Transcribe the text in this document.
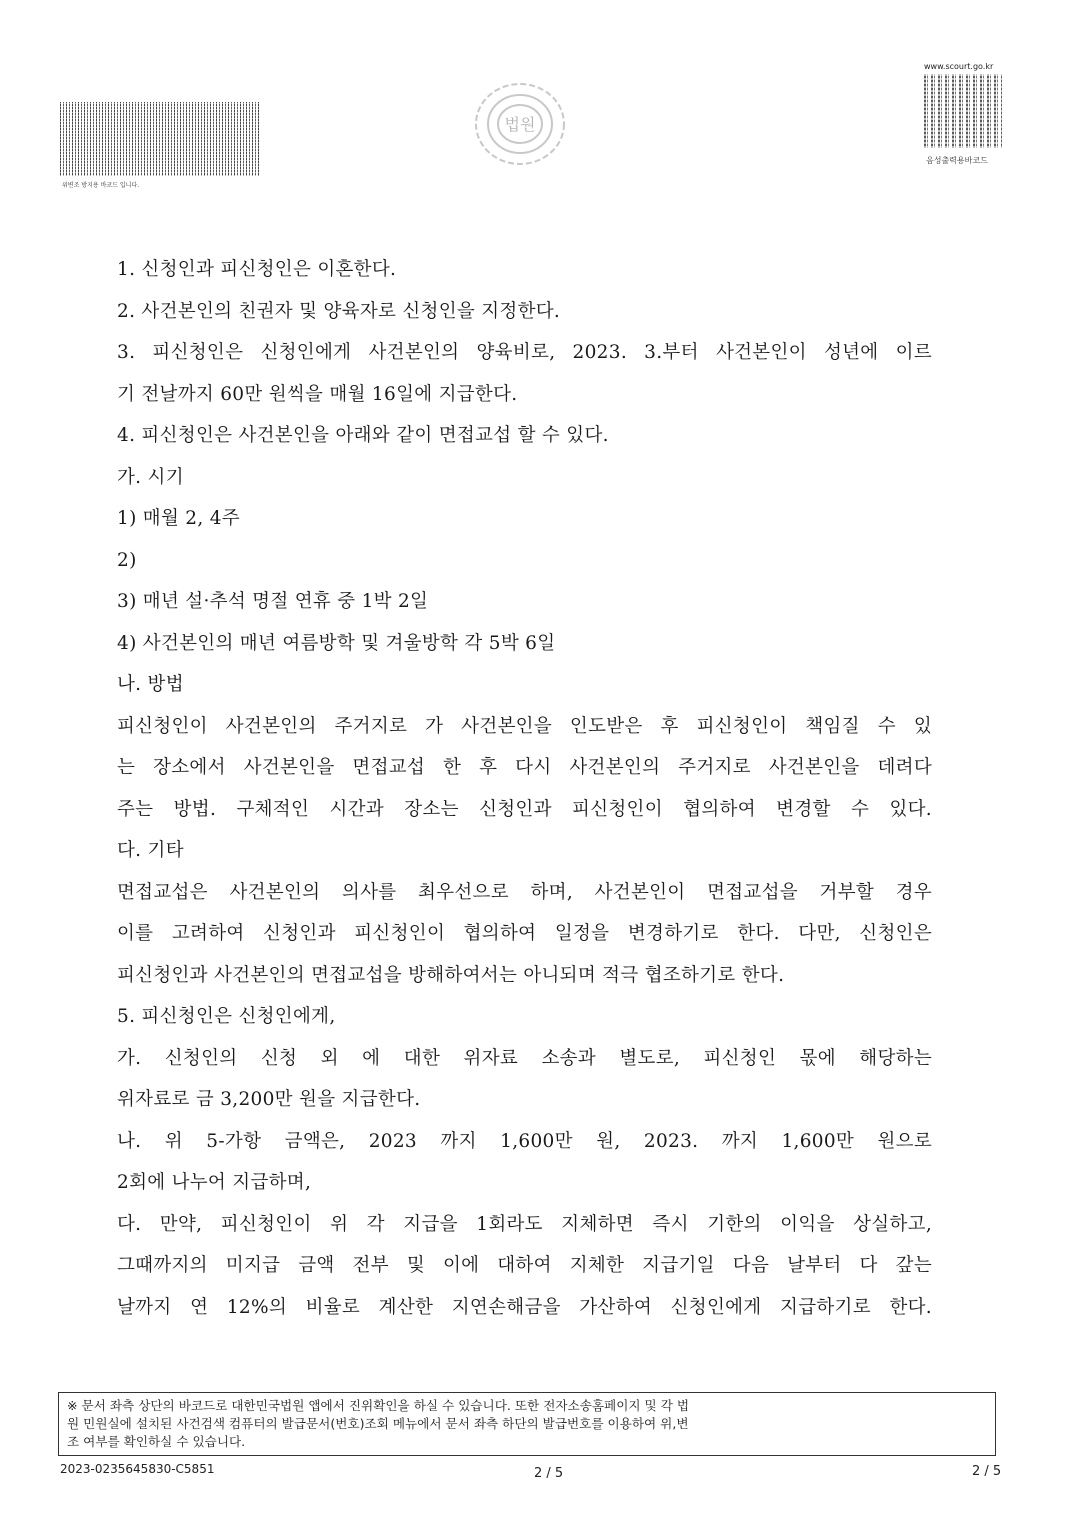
위변조 방지용 바코드 입니다.
법원
www.scourt.go.kr
음성출력용바코드
1. 신청인과 피신청인은 이혼한다.
2. 사건본인의 친권자 및 양육자로 신청인을 지정한다.
3. 피신청인은 신청인에게 사건본인의 양육비로, 2023. 3.부터 사건본인이 성년에 이르
기 전날까지 60만 원씩을 매월 16일에 지급한다.
4. 피신청인은 사건본인을 아래와 같이 면접교섭 할 수 있다.
가. 시기
1) 매월 2, 4주
2)
3) 매년 설·추석 명절 연휴 중 1박 2일
4) 사건본인의 매년 여름방학 및 겨울방학 각 5박 6일
나. 방법
피신청인이 사건본인의 주거지로 가 사건본인을 인도받은 후 피신청인이 책임질 수 있
는 장소에서 사건본인을 면접교섭 한 후 다시 사건본인의 주거지로 사건본인을 데려다
주는 방법. 구체적인 시간과 장소는 신청인과 피신청인이 협의하여 변경할 수 있다.
다. 기타
면접교섭은 사건본인의 의사를 최우선으로 하며, 사건본인이 면접교섭을 거부할 경우
이를 고려하여 신청인과 피신청인이 협의하여 일정을 변경하기로 한다. 다만, 신청인은
피신청인과 사건본인의 면접교섭을 방해하여서는 아니되며 적극 협조하기로 한다.
5. 피신청인은 신청인에게,
가. 신청인의 신청 외 에 대한 위자료 소송과 별도로, 피신청인 몫에 해당하는
위자료로 금 3,200만 원을 지급한다.
나. 위 5-가항 금액은, 2023 까지 1,600만 원, 2023. 까지 1,600만 원으로
2회에 나누어 지급하며,
다. 만약, 피신청인이 위 각 지급을 1회라도 지체하면 즉시 기한의 이익을 상실하고,
그때까지의 미지급 금액 전부 및 이에 대하여 지체한 지급기일 다음 날부터 다 갚는
날까지 연 12%의 비율로 계산한 지연손해금을 가산하여 신청인에게 지급하기로 한다.
※ 문서 좌측 상단의 바코드로 대한민국법원 앱에서 진위확인을 하실 수 있습니다. 또한 전자소송홈페이지 및 각 법
원 민원실에 설치된 사건검색 컴퓨터의 발급문서(번호)조회 메뉴에서 문서 좌측 하단의 발급번호를 이용하여 위,변
조 여부를 확인하실 수 있습니다.
2023-0235645830-C5851	2 / 5	2 / 5
